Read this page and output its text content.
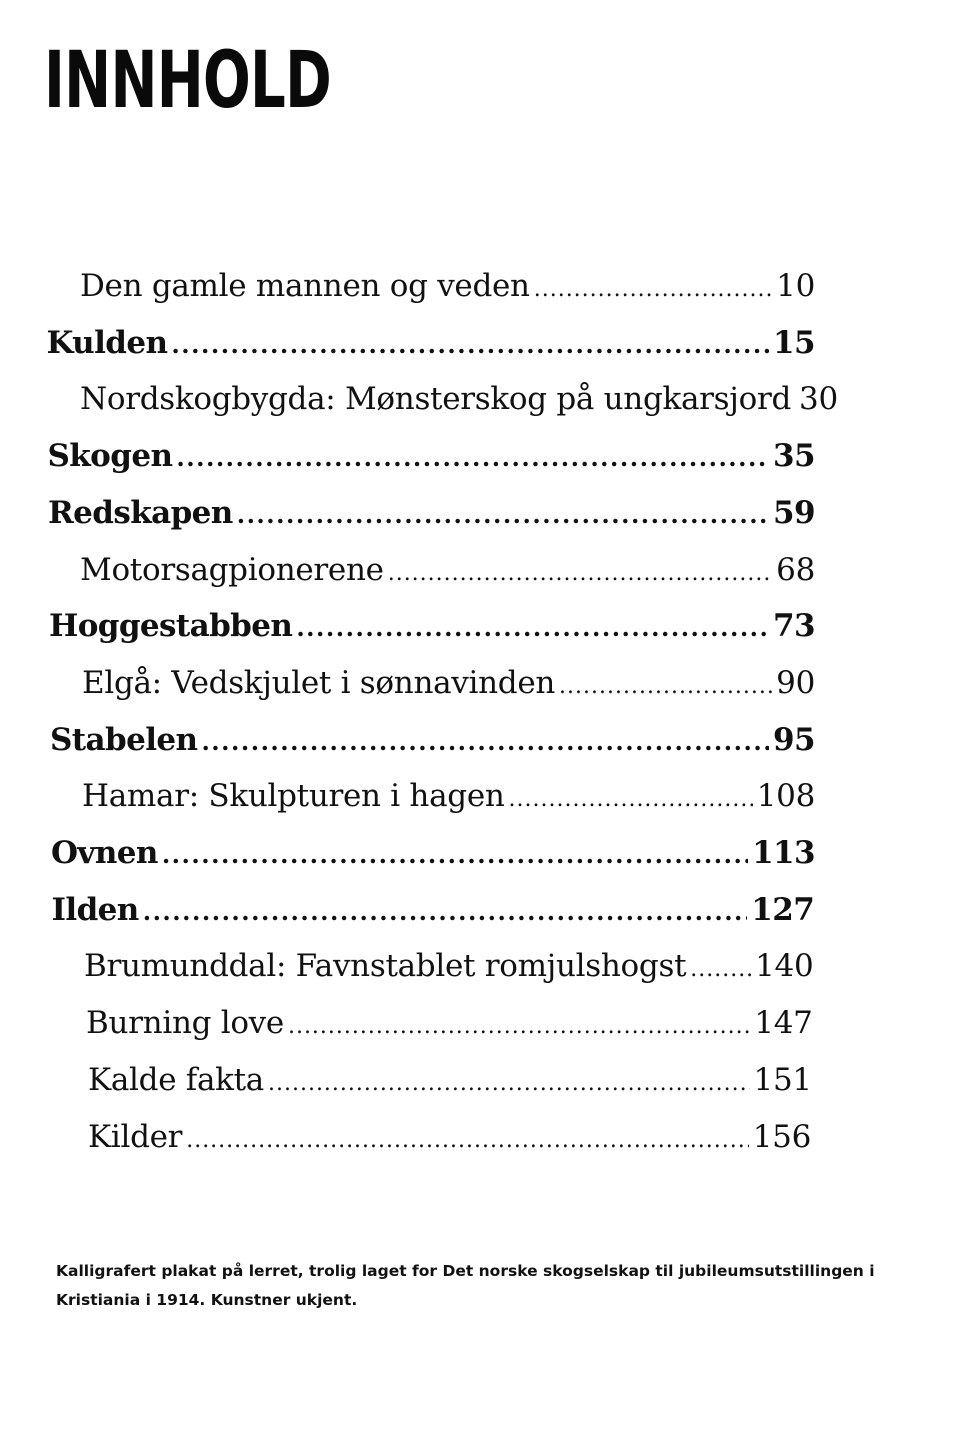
INNHOLD
Den gamle mannen og veden .....	10
Kulden .....	15
Nordskogbygda: Mønsterskog på ungkarsjord 30
Skogen .....	35
Redskapen .....	59
Motorsagpionerene .....	68
Hoggestabben .....	73
Elgå: Vedskjulet i sønnavinden .....	90
Stabelen .....	95
Hamar: Skulpturen i hagen .....	108
Ovnen .....	113
Ilden .....	127
Brumunddal: Favnstablet romjulshogst ..... 140
Burning love .....	147
Kalde fakta .....	151
Kilder .....	156

Kalligrafert plakat på lerret, trolig laget for Det norske skogselskap til jubileumsutstillingen i Kristiania i 1914. Kunstner ukjent.
